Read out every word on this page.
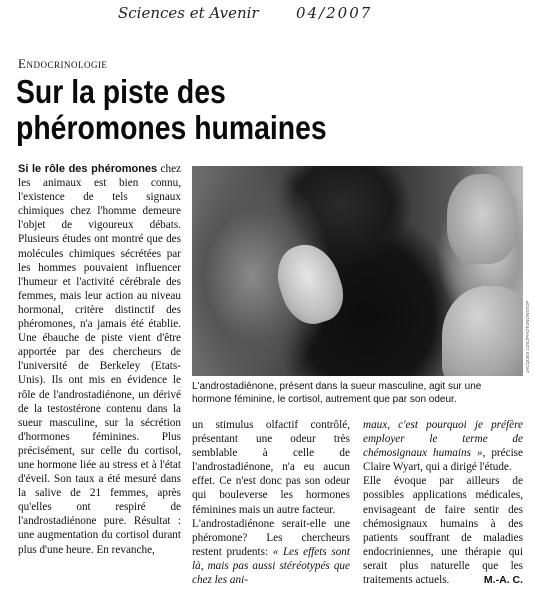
Sciences et Avenir 04/2007
Endocrinologie
Sur la piste des phéromones humaines

Si le rôle des phéromones chez les animaux est bien connu, l'existence de tels signaux chimiques chez l'homme demeure l'objet de vigoureux débats. Plusieurs études ont montré que des molécules chimiques sécrétées par les hommes pouvaient influencer l'humeur et l'activité cérébrale des femmes, mais leur action au niveau hormonal, critère distinctif des phéromones, n'a jamais été établie. Une ébauche de piste vient d'être apportée par des chercheurs de l'université de Berkeley (Etats-Unis). Ils ont mis en évidence le rôle de l'androstadiénone, un dérivé de la testostérone contenu dans la sueur masculine, sur la sécrétion d'hormones féminines. Plus précisément, sur celle du cortisol, une hormone liée au stress et à l'état d'éveil. Son taux a été mesuré dans la salive de 21 femmes, après qu'elles ont respiré de l'androstadiénone pure. Résultat : une augmentation du cortisol durant plus d'une heure. En revanche,

JACQUES LOIC/PHOTONONSTOP
L'androstadiénone, présent dans la sueur masculine, agit sur une hormone féminine, le cortisol, autrement que par son odeur.

un stimulus olfactif contrôlé, présentant une odeur très semblable à celle de l'androstadiénone, n'a eu aucun effet. Ce n'est donc pas son odeur qui bouleverse les hormones féminines mais un autre facteur.

L'androstadiénone serait-elle une phéromone? Les chercheurs restent prudents: « Les effets sont là, mais pas aussi stéréotypés que chez les ani-

maux, c'est pourquoi je préfère employer le terme de chémosignaux humains », précise Claire Wyart, qui a dirigé l'étude.

Elle évoque par ailleurs de possibles applications médicales, envisageant de faire sentir des chémosignaux humains à des patients souffrant de maladies endocriniennes, une thérapie qui serait plus naturelle que les traitements actuels.	M.-A. C.
